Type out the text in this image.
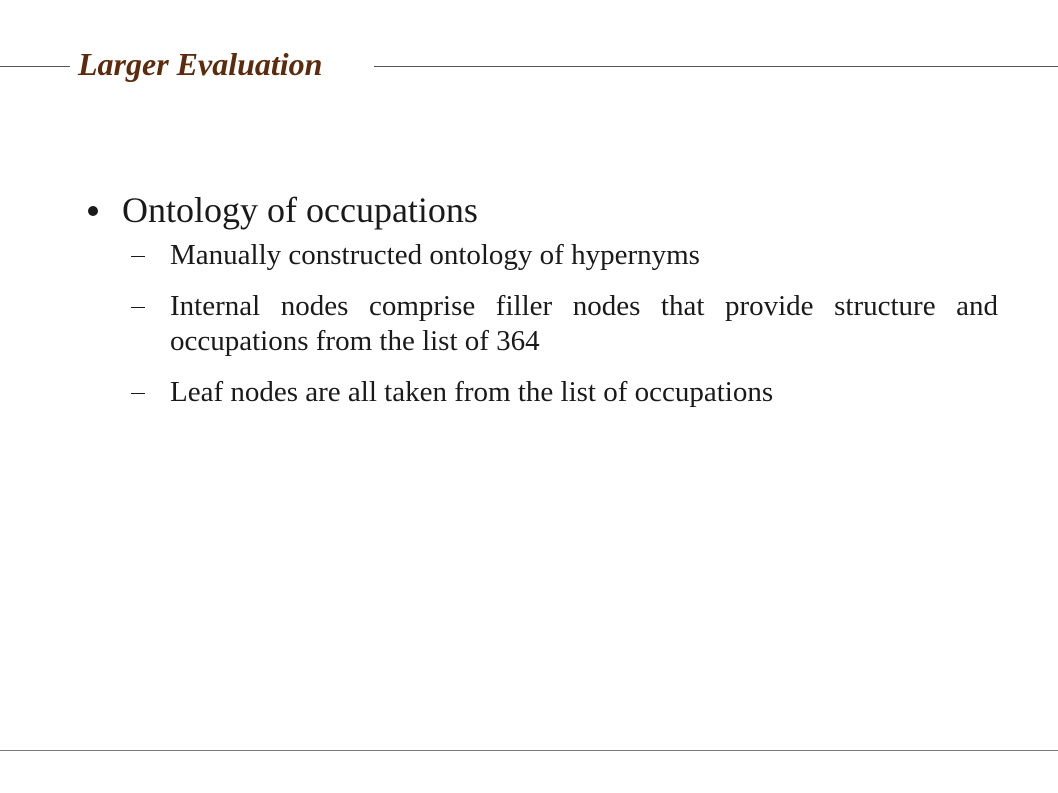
Larger Evaluation
Ontology of occupations
Manually constructed ontology of hypernyms
Internal nodes comprise filler nodes that provide structure and occupations from the list of 364
Leaf nodes are all taken from the list of occupations
